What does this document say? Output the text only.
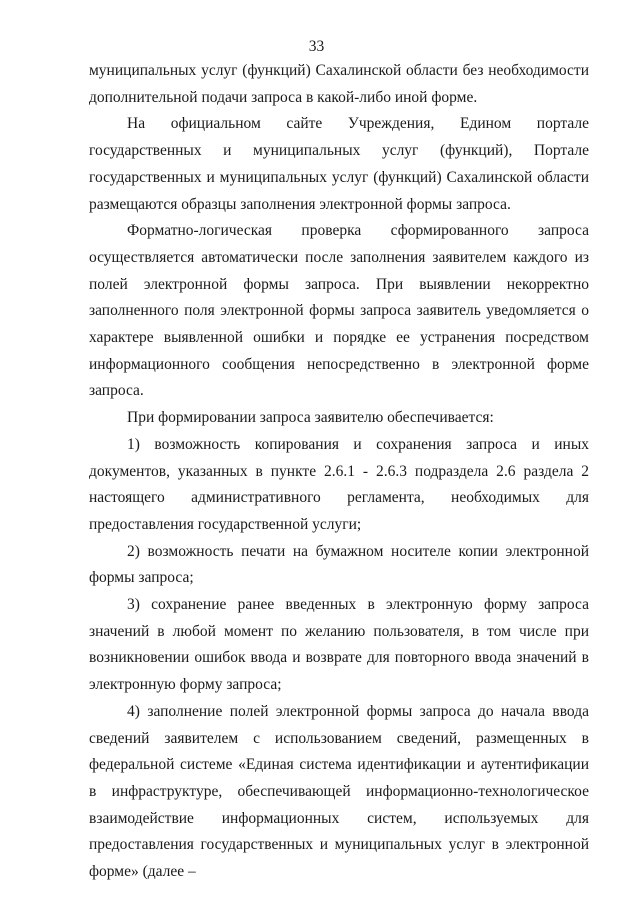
33

муниципальных услуг (функций) Сахалинской области без необходимости дополнительной подачи запроса в какой-либо иной форме.

На официальном сайте Учреждения, Едином портале государственных и муниципальных услуг (функций), Портале государственных и муниципальных услуг (функций) Сахалинской области размещаются образцы заполнения электронной формы запроса.

Форматно-логическая проверка сформированного запроса осуществляется автоматически после заполнения заявителем каждого из полей электронной формы запроса. При выявлении некорректно заполненного поля электронной формы запроса заявитель уведомляется о характере выявленной ошибки и порядке ее устранения посредством информационного сообщения непосредственно в электронной форме запроса.

При формировании запроса заявителю обеспечивается:

1) возможность копирования и сохранения запроса и иных документов, указанных в пункте 2.6.1 - 2.6.3 подраздела 2.6 раздела 2 настоящего административного регламента, необходимых для предоставления государственной услуги;

2) возможность печати на бумажном носителе копии электронной формы запроса;

3) сохранение ранее введенных в электронную форму запроса значений в любой момент по желанию пользователя, в том числе при возникновении ошибок ввода и возврате для повторного ввода значений в электронную форму запроса;

4) заполнение полей электронной формы запроса до начала ввода сведений заявителем с использованием сведений, размещенных в федеральной системе «Единая система идентификации и аутентификации в инфраструктуре, обеспечивающей информационно-технологическое взаимодействие информационных систем, используемых для предоставления государственных и муниципальных услуг в электронной форме» (далее –
